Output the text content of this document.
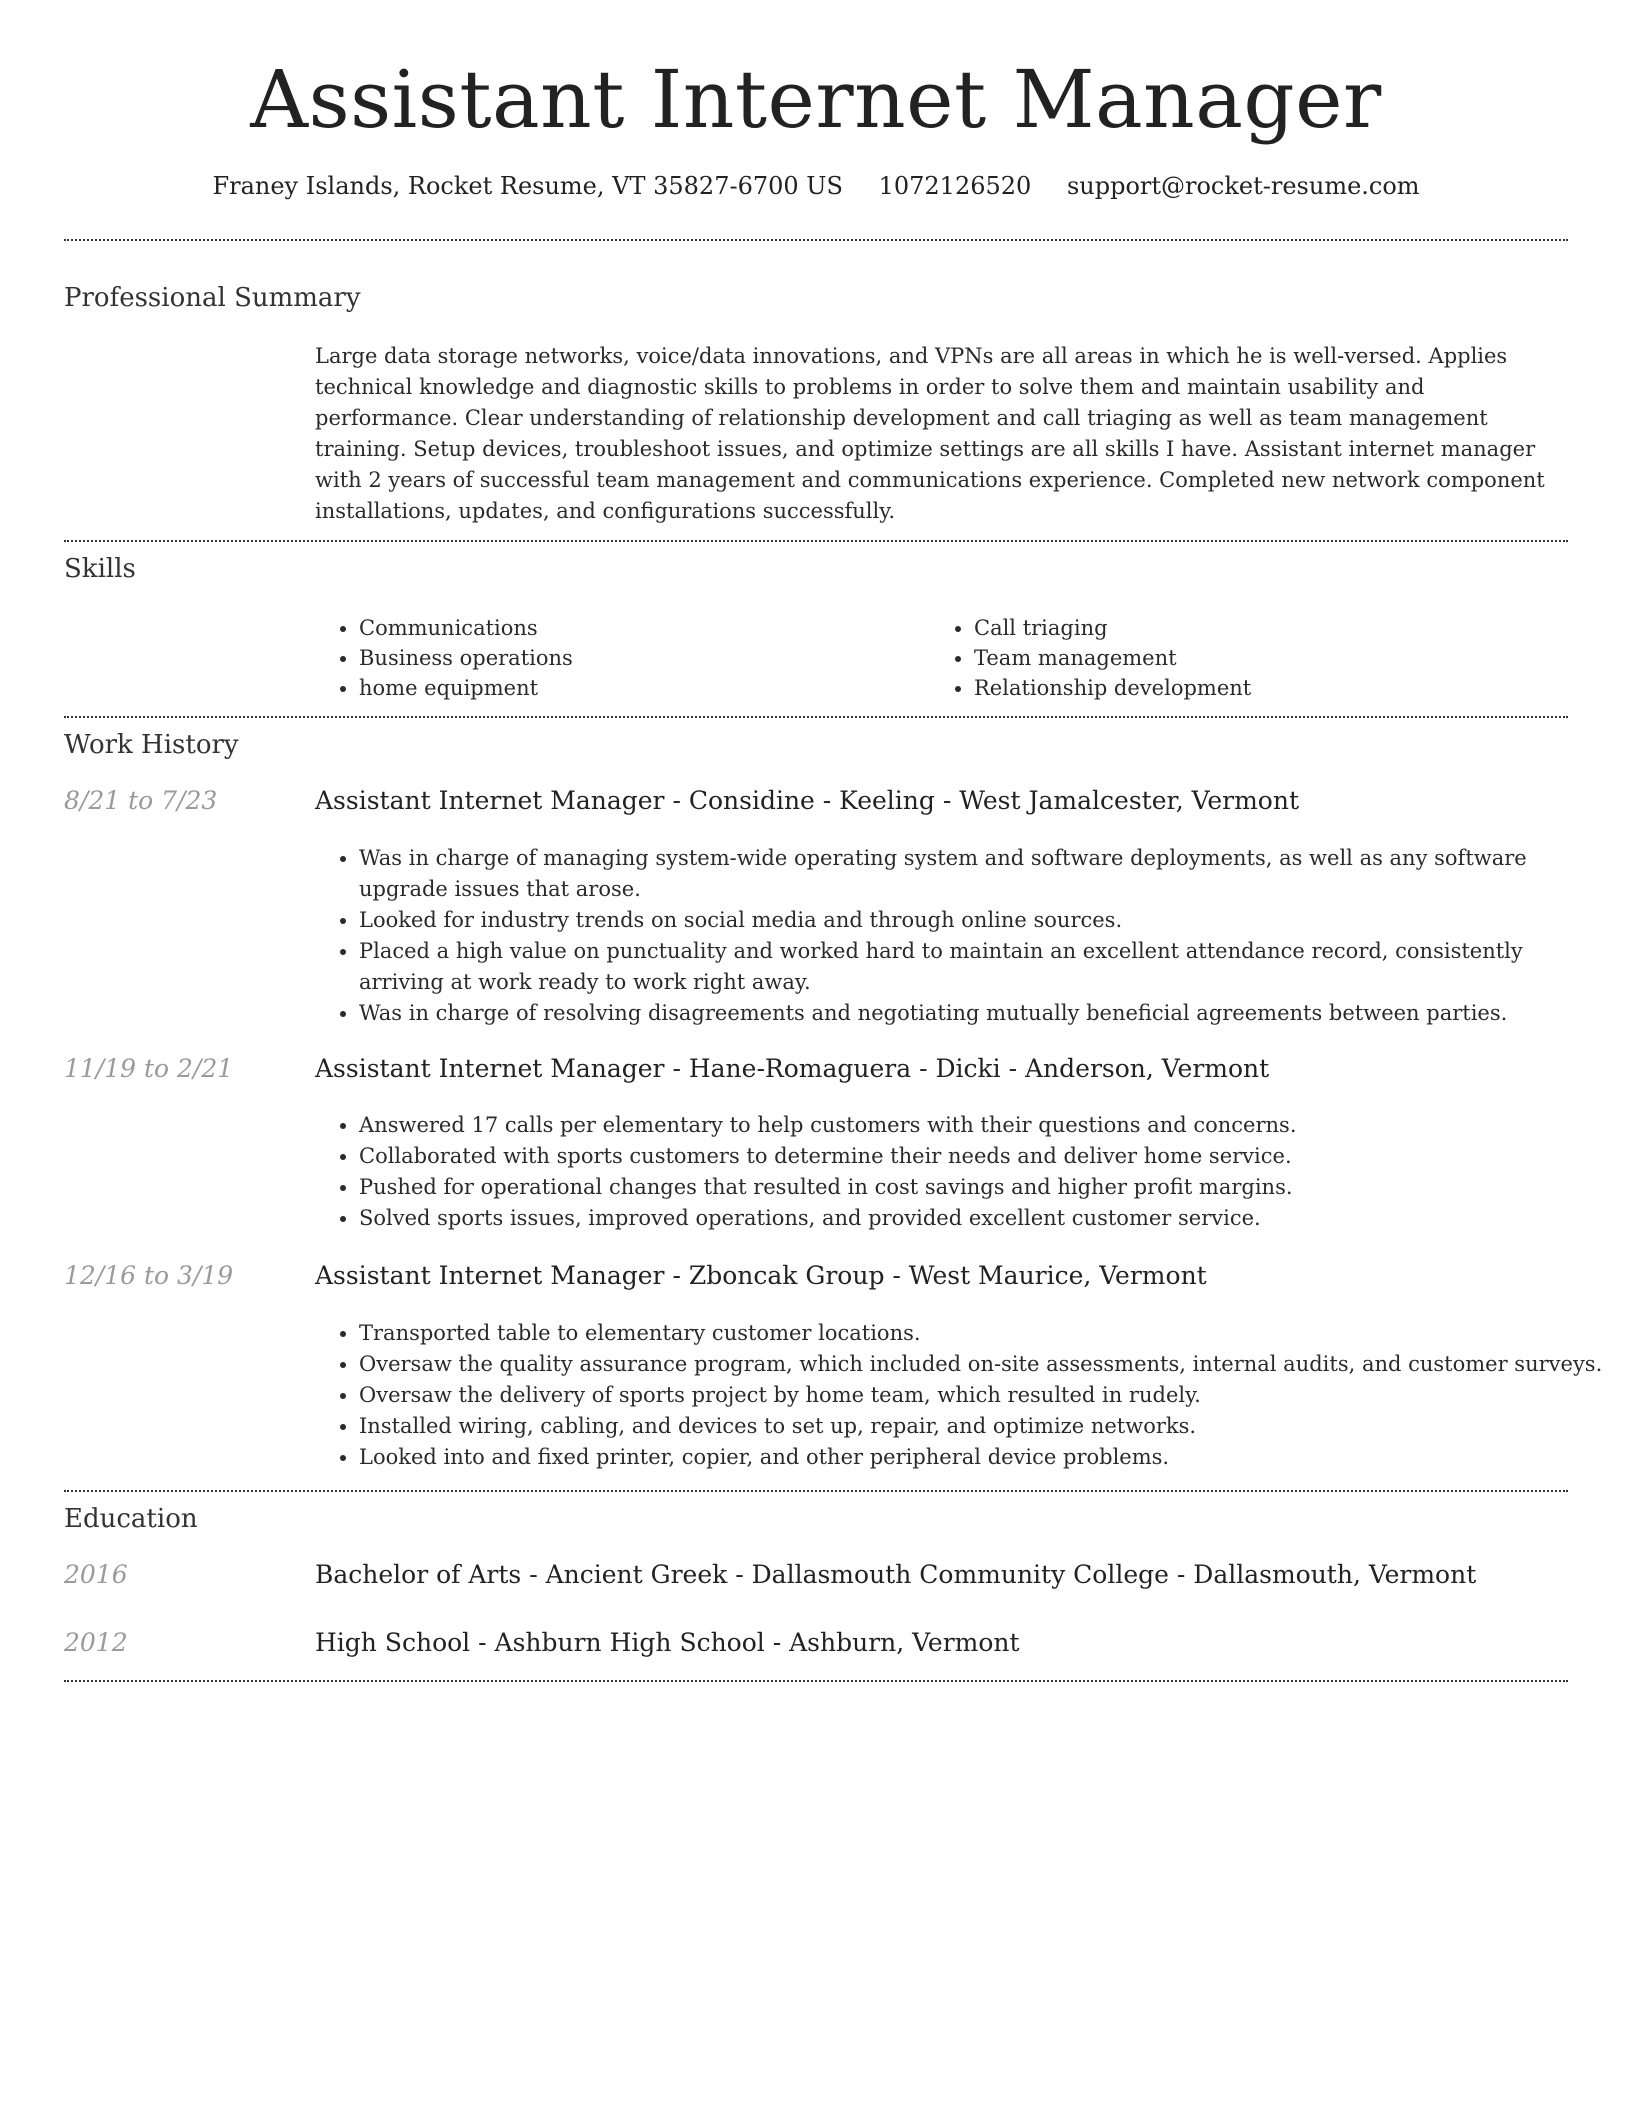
Assistant Internet Manager
Franey Islands, Rocket Resume, VT 35827-6700 US 1072126520 support@rocket-resume.com
Professional Summary

Large data storage networks, voice/data innovations, and VPNs are all areas in which he is well-versed. Applies technical knowledge and diagnostic skills to problems in order to solve them and maintain usability and performance. Clear understanding of relationship development and call triaging as well as team management training. Setup devices, troubleshoot issues, and optimize settings are all skills I have. Assistant internet manager with 2 years of successful team management and communications experience. Completed new network component installations, updates, and configurations successfully.

Skills
• Communications
• Business operations
• home equipment
• Call triaging
• Team management
• Relationship development
Work History
8/21 to 7/23	Assistant Internet Manager - Considine - Keeling - West Jamalcester, Vermont
• Was in charge of managing system-wide operating system and software deployments, as well as any software upgrade issues that arose.
• Looked for industry trends on social media and through online sources.
• Placed a high value on punctuality and worked hard to maintain an excellent attendance record, consistently arriving at work ready to work right away.
• Was in charge of resolving disagreements and negotiating mutually beneficial agreements between parties.
11/19 to 2/21	Assistant Internet Manager - Hane-Romaguera - Dicki - Anderson, Vermont
• Answered 17 calls per elementary to help customers with their questions and concerns.
• Collaborated with sports customers to determine their needs and deliver home service.
• Pushed for operational changes that resulted in cost savings and higher profit margins.
• Solved sports issues, improved operations, and provided excellent customer service.
12/16 to 3/19	Assistant Internet Manager - Zboncak Group - West Maurice, Vermont
• Transported table to elementary customer locations.
• Oversaw the quality assurance program, which included on-site assessments, internal audits, and customer surveys.
• Oversaw the delivery of sports project by home team, which resulted in rudely.
• Installed wiring, cabling, and devices to set up, repair, and optimize networks.
• Looked into and fixed printer, copier, and other peripheral device problems.
Education
2016	Bachelor of Arts - Ancient Greek - Dallasmouth Community College - Dallasmouth, Vermont
2012	High School - Ashburn High School - Ashburn, Vermont
